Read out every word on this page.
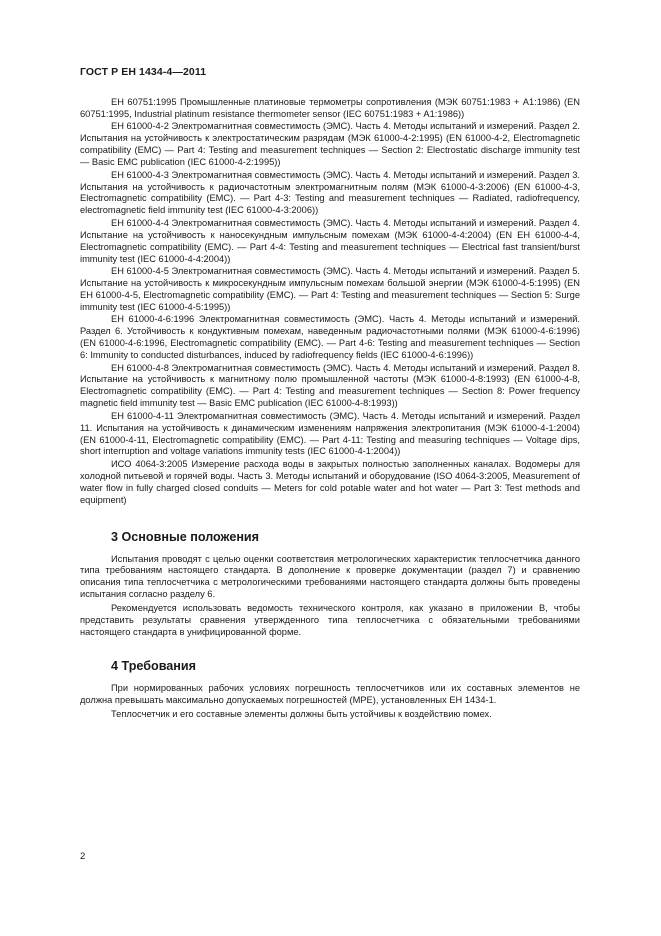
ГОСТ Р ЕН 1434-4—2011

ЕН 60751:1995 Промышленные платиновые термометры сопротивления (МЭК 60751:1983 + A1:1986) (EN 60751:1995, Industrial platinum resistance thermometer sensor (IEC 60751:1983 + A1:1986))

ЕН 61000-4-2 Электромагнитная совместимость (ЭМС). Часть 4. Методы испытаний и измерений. Раздел 2. Испытания на устойчивость к электростатическим разрядам (МЭК 61000-4-2:1995) (EN 61000-4-2, Electromagnetic compatibility (EMC) — Part 4: Testing and measurement techniques — Section 2: Electrostatic discharge immunity test — Basic EMC publication (IEC 61000-4-2:1995))

ЕН 61000-4-3 Электромагнитная совместимость (ЭМС). Часть 4. Методы испытаний и измерений. Раздел 3. Испытания на устойчивость к радиочастотным электромагнитным полям (МЭК 61000-4-3:2006) (EN 61000-4-3, Electromagnetic compatibility (EMC). — Part 4-3: Testing and measurement techniques — Radiated, radiofrequency, electromagnetic field immunity test (IEC 61000-4-3:2006))

ЕН 61000-4-4 Электромагнитная совместимость (ЭМС). Часть 4. Методы испытаний и измерений. Раздел 4. Испытание на устойчивость к наносекундным импульсным помехам (МЭК 61000-4-4:2004) (EN ЕН 61000-4-4, Electromagnetic compatibility (EMC). — Part 4-4: Testing and measurement techniques — Electrical fast transient/burst immunity test (IEC 61000-4-4:2004))

ЕН 61000-4-5 Электромагнитная совместимость (ЭМС). Часть 4. Методы испытаний и измерений. Раздел 5. Испытание на устойчивость к микросекундным импульсным помехам большой энергии (МЭК 61000-4-5:1995) (EN ЕН 61000-4-5, Electromagnetic compatibility (EMC). — Part 4: Testing and measurement techniques — Section 5: Surge immunity test (IEC 61000-4-5:1995))

ЕН 61000-4-6:1996 Электромагнитная совместимость (ЭМС). Часть 4. Методы испытаний и измерений. Раздел 6. Устойчивость к кондуктивным помехам, наведенным радиочастотными полями (МЭК 61000-4-6:1996) (EN 61000-4-6:1996, Electromagnetic compatibility (EMC). — Part 4-6: Testing and measurement techniques — Section 6: Immunity to conducted disturbances, induced by radiofrequency fields (IEC 61000-4-6:1996))

ЕН 61000-4-8 Электромагнитная совместимость (ЭМС). Часть 4. Методы испытаний и измерений. Раздел 8. Испытание на устойчивость к магнитному полю промышленной частоты (МЭК 61000-4-8:1993) (EN 61000-4-8, Electromagnetic compatibility (EMC). — Part 4: Testing and measurement techniques — Section 8: Power frequency magnetic field immunity test — Basic EMC publication (IEC 61000-4-8:1993))

ЕН 61000-4-11 Электромагнитная совместимость (ЭМС). Часть 4. Методы испытаний и измерений. Раздел 11. Испытания на устойчивость к динамическим изменениям напряжения электропитания (МЭК 61000-4-1:2004) (EN 61000-4-11, Electromagnetic compatibility (EMC). — Part 4-11: Testing and measuring techniques — Voltage dips, short interruption and voltage variations immunity tests (IEC 61000-4-1:2004))

ИСО 4064-3:2005 Измерение расхода воды в закрытых полностью заполненных каналах. Водомеры для холодной питьевой и горячей воды. Часть 3. Методы испытаний и оборудование (ISO 4064-3:2005, Measurement of water flow in fully charged closed conduits — Meters for cold potable water and hot water — Part 3: Test methods and equipment)

3 Основные положения

Испытания проводят с целью оценки соответствия метрологических характеристик теплосчетчика данного типа требованиям настоящего стандарта. В дополнение к проверке документации (раздел 7) и сравнению описания типа теплосчетчика с метрологическими требованиями настоящего стандарта должны быть проведены испытания согласно разделу 6.

Рекомендуется использовать ведомость технического контроля, как указано в приложении В, чтобы представить результаты сравнения утвержденного типа теплосчетчика с обязательными требованиями настоящего стандарта в унифицированной форме.

4 Требования

При нормированных рабочих условиях погрешность теплосчетчиков или их составных элементов не должна превышать максимально допускаемых погрешностей (МРЕ), установленных ЕН 1434-1.

Теплосчетчик и его составные элементы должны быть устойчивы к воздействию помех.

2
